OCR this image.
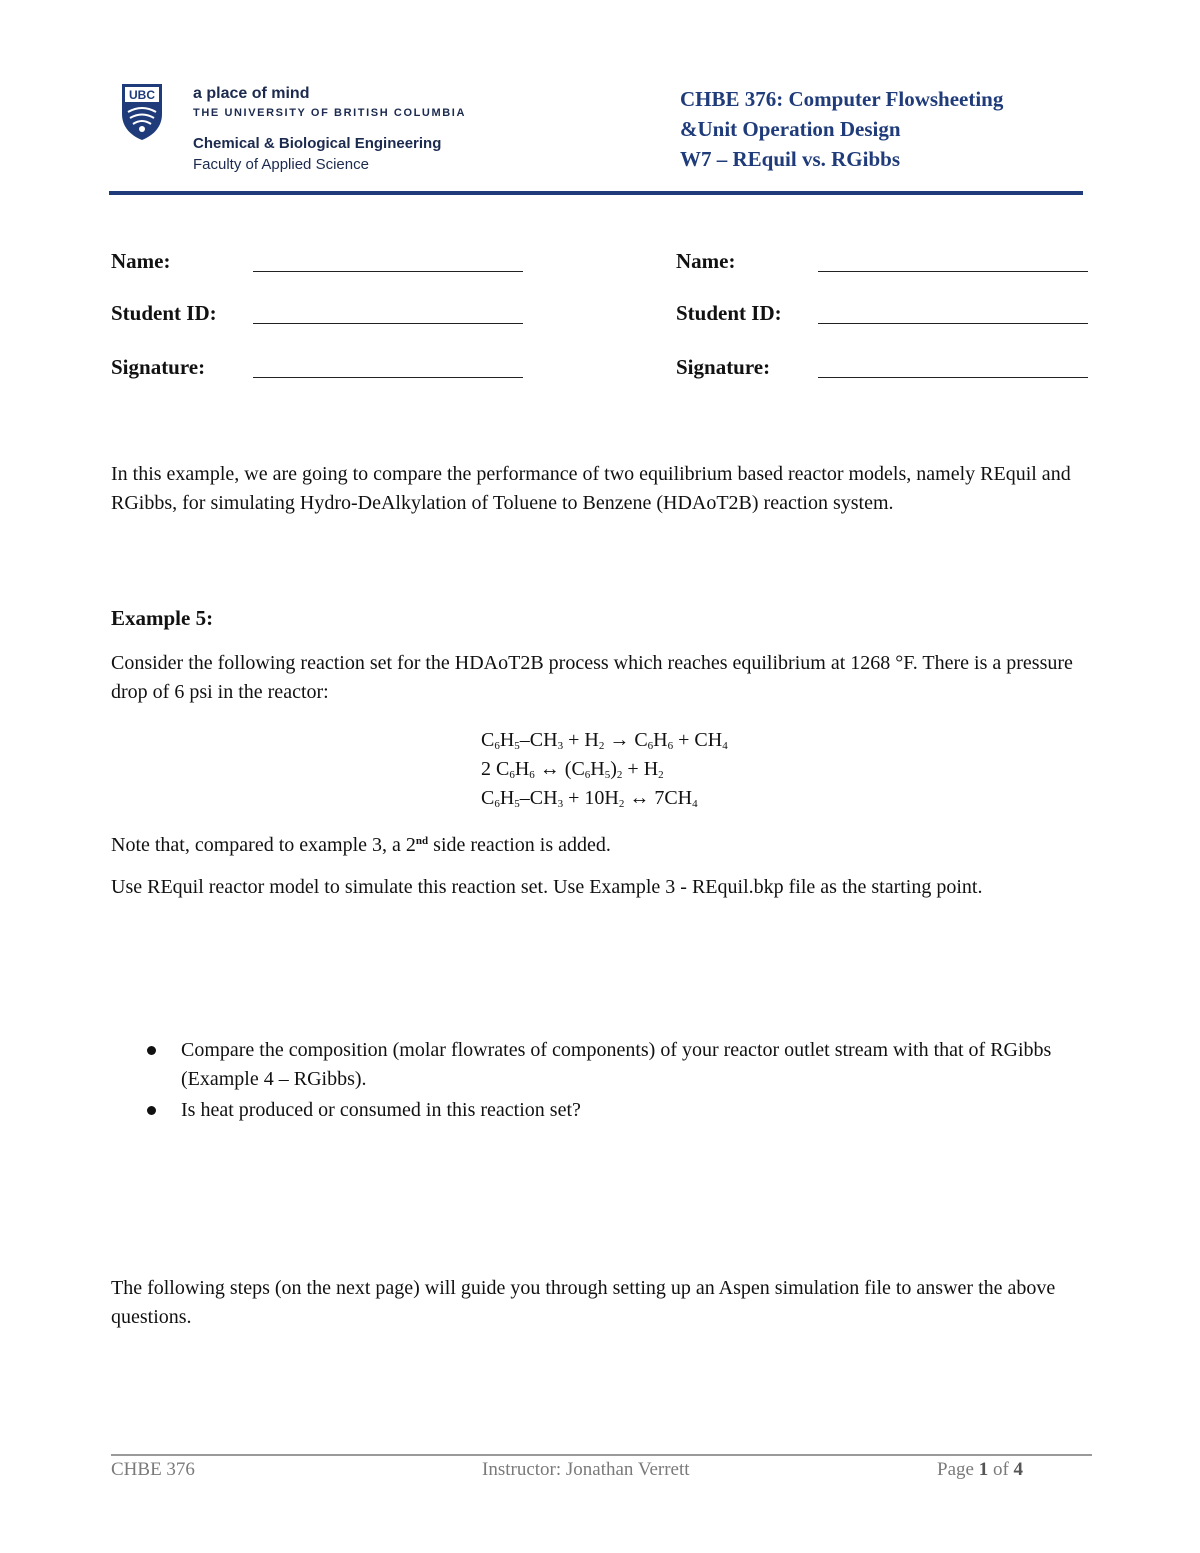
UBC a place of mind
THE UNIVERSITY OF BRITISH COLUMBIA
Chemical & Biological Engineering
Faculty of Applied Science
CHBE 376: Computer Flowsheeting
&Unit Operation Design
W7 – REquil vs. RGibbs
Name:
Student ID:
Signature:
Name:
Student ID:
Signature:
In this example, we are going to compare the performance of two equilibrium based reactor models, namely REquil and RGibbs, for simulating Hydro-DeAlkylation of Toluene to Benzene (HDAoT2B) reaction system.
Example 5:
Consider the following reaction set for the HDAoT2B process which reaches equilibrium at 1268 °F. There is a pressure drop of 6 psi in the reactor:
$C_6H_5-CH_3 + H_2 \to C_6H_6 + CH_4$
2 $C_6H_6$ ↔ $(C_6H_5)_2 + H_2$
$C_6H_5-CH_3 + 10H_2$ ↔ $7CH_4$
Note that, compared to example 3, a 2nd side reaction is added.
Use REquil reactor model to simulate this reaction set. Use Example 3 - REquil.bkp file as the starting point.
Compare the composition (molar flowrates of components) of your reactor outlet stream with that of RGibbs (Example 4 – RGibbs).
Is heat produced or consumed in this reaction set?
The following steps (on the next page) will guide you through setting up an Aspen simulation file to answer the above questions.
CHBE 376	Instructor: Jonathan Verrett	Page 1 of 4
